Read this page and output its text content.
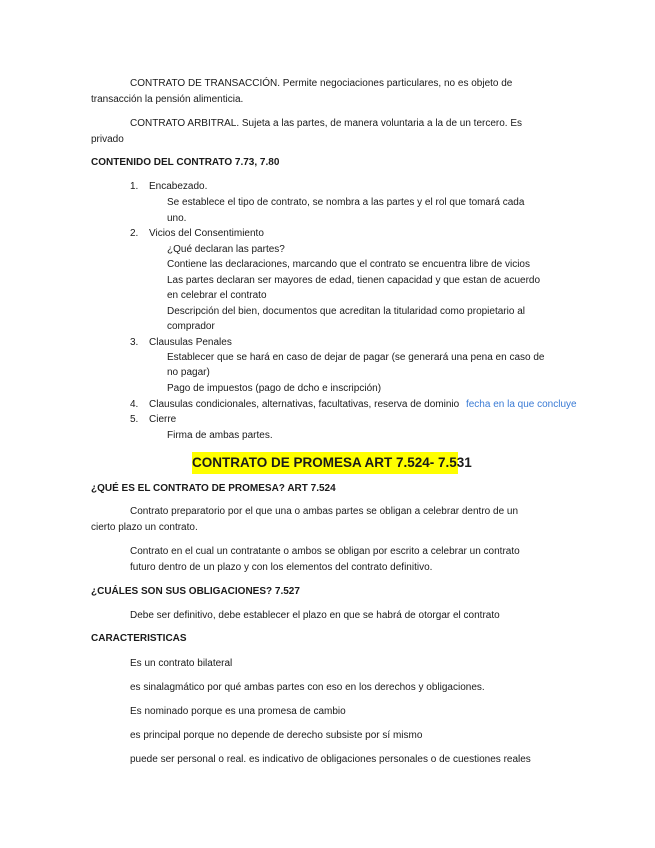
CONTRATO DE TRANSACCIÓN. Permite negociaciones particulares, no es objeto de
transacción la pensión alimenticia.
CONTRATO ARBITRAL. Sujeta a las partes, de manera voluntaria a la de un tercero. Es
privado
CONTENIDO DEL CONTRATO 7.73, 7.80
1. Encabezado.
Se establece el tipo de contrato, se nombra a las partes y el rol que tomará cada
uno.
2. Vicios del Consentimiento
¿Qué declaran las partes?
Contiene las declaraciones, marcando que el contrato se encuentra libre de vicios
Las partes declaran ser mayores de edad, tienen capacidad y que estan de acuerdo
en celebrar el contrato
Descripción del bien, documentos que acreditan la titularidad como propietario al
comprador
3. Clausulas Penales
Establecer que se hará en caso de dejar de pagar (se generará una pena en caso de
no pagar)
Pago de impuestos (pago de dcho e inscripción)
4. Clausulas condicionales, alternativas, facultativas, reserva de dominio fecha en la que concluye
5. Cierre
Firma de ambas partes.
CONTRATO DE PROMESA ART 7.524- 7.531
¿QUÉ ES EL CONTRATO DE PROMESA? ART 7.524
Contrato preparatorio por el que una o ambas partes se obligan a celebrar dentro de un
cierto plazo un contrato.
Contrato en el cual un contratante o ambos se obligan por escrito a celebrar un contrato
futuro dentro de un plazo y con los elementos del contrato definitivo.
¿CUÁLES SON SUS OBLIGACIONES? 7.527
Debe ser definitivo, debe establecer el plazo en que se habrá de otorgar el contrato
CARACTERISTICAS
Es un contrato bilateral
es sinalagmático por qué ambas partes con eso en los derechos y obligaciones.
Es nominado porque es una promesa de cambio
es principal porque no depende de derecho subsiste por sí mismo
puede ser personal o real. es indicativo de obligaciones personales o de cuestiones reales
